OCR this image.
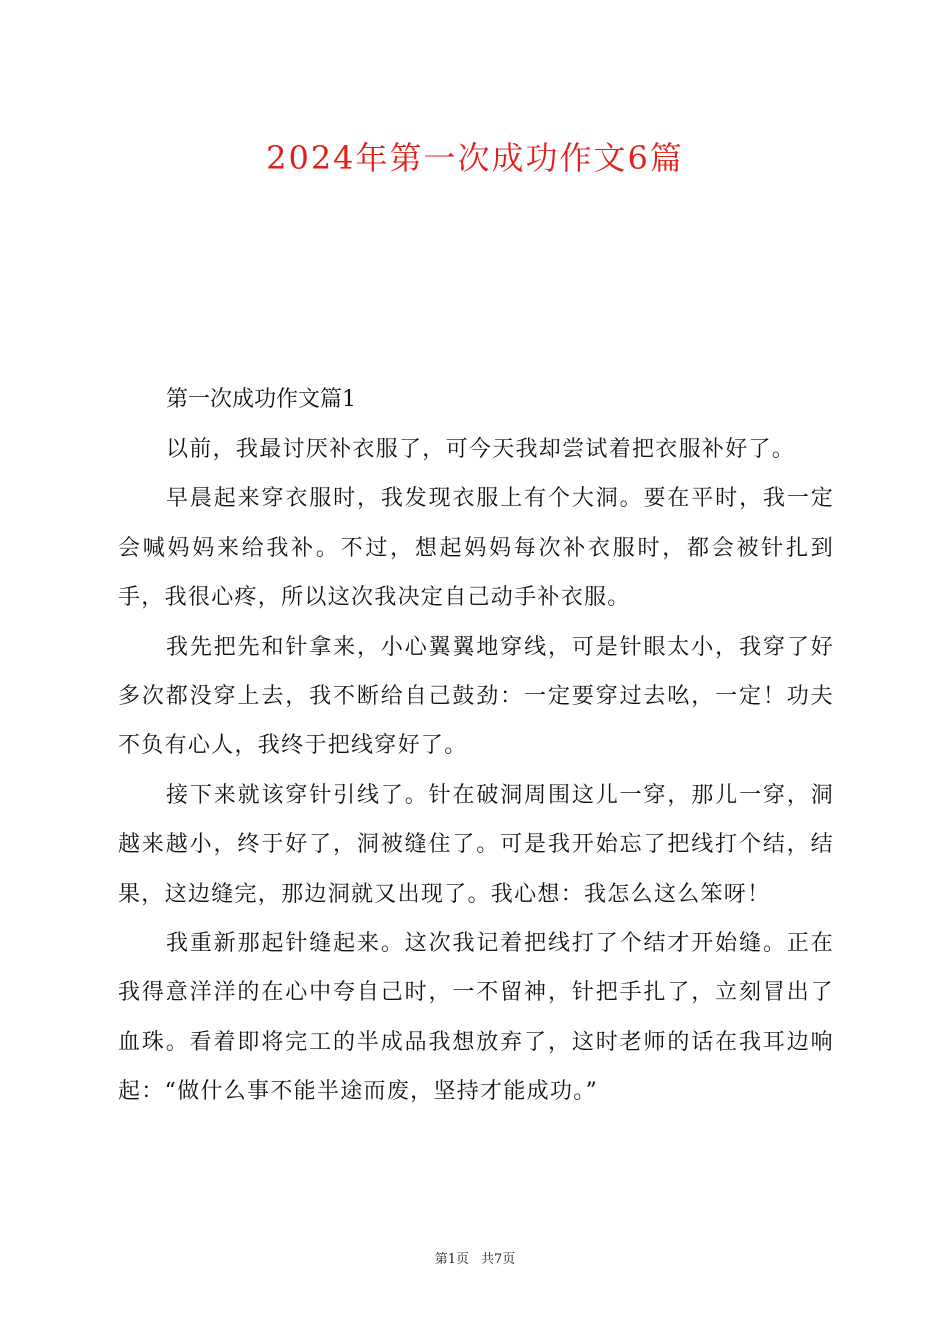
2024年第一次成功作文6篇

第一次成功作文篇1

以前，我最讨厌补衣服了，可今天我却尝试着把衣服补好了。

早晨起来穿衣服时，我发现衣服上有个大洞。要在平时，我一定会喊妈妈来给我补。不过，想起妈妈每次补衣服时，都会被针扎到手，我很心疼，所以这次我决定自己动手补衣服。

我先把先和针拿来，小心翼翼地穿线，可是针眼太小，我穿了好多次都没穿上去，我不断给自己鼓劲：一定要穿过去吆，一定！功夫不负有心人，我终于把线穿好了。

接下来就该穿针引线了。针在破洞周围这儿一穿，那儿一穿，洞越来越小，终于好了，洞被缝住了。可是我开始忘了把线打个结，结果，这边缝完，那边洞就又出现了。我心想：我怎么这么笨呀！

我重新那起针缝起来。这次我记着把线打了个结才开始缝。正在我得意洋洋的在心中夸自己时，一不留神，针把手扎了，立刻冒出了血珠。看着即将完工的半成品我想放弃了，这时老师的话在我耳边响起：“做什么事不能半途而废，坚持才能成功。”

第1页 共7页
